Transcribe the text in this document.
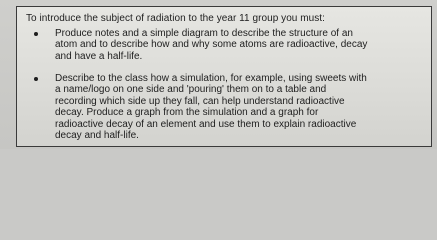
To introduce the subject of radiation to the year 11 group you must:
Produce notes and a simple diagram to describe the structure of an
atom and to describe how and why some atoms are radioactive, decay
and have a half-life.
Describe to the class how a simulation, for example, using sweets with
a name/logo on one side and 'pouring' them on to a table and
recording which side up they fall, can help understand radioactive
decay. Produce a graph from the simulation and a graph for
radioactive decay of an element and use them to explain radioactive
decay and half-life.
